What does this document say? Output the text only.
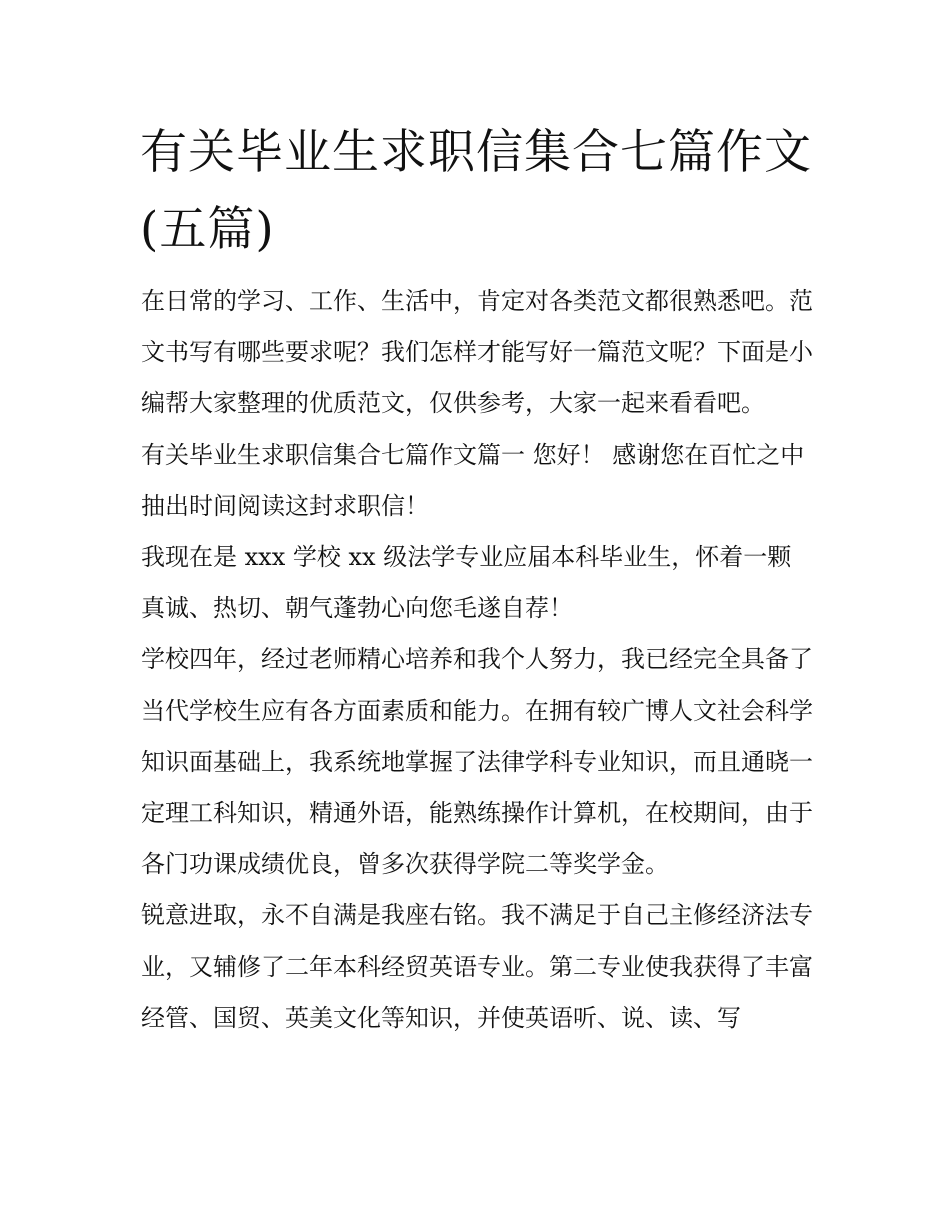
有关毕业生求职信集合七篇作文(五篇)

在日常的学习、工作、生活中，肯定对各类范文都很熟悉吧。范文书写有哪些要求呢？我们怎样才能写好一篇范文呢？下面是小编帮大家整理的优质范文，仅供参考，大家一起来看看吧。

有关毕业生求职信集合七篇作文篇一 您好！ 感谢您在百忙之中抽出时间阅读这封求职信！

我现在是 xxx 学校 xx 级法学专业应届本科毕业生，怀着一颗真诚、热切、朝气蓬勃心向您毛遂自荐！

学校四年，经过老师精心培养和我个人努力，我已经完全具备了当代学校生应有各方面素质和能力。在拥有较广博人文社会科学知识面基础上，我系统地掌握了法律学科专业知识，而且通晓一定理工科知识，精通外语，能熟练操作计算机，在校期间，由于各门功课成绩优良，曾多次获得学院二等奖学金。

锐意进取，永不自满是我座右铭。我不满足于自己主修经济法专业，又辅修了二年本科经贸英语专业。第二专业使我获得了丰富经管、国贸、英美文化等知识，并使英语听、说、读、写
